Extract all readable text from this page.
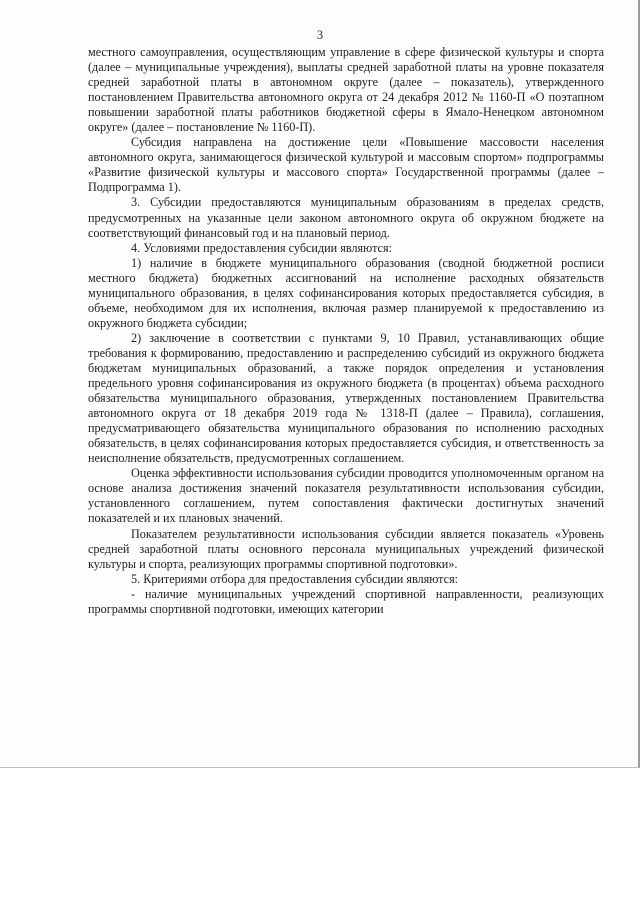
3

местного самоуправления, осуществляющим управление в сфере физической культуры и спорта (далее – муниципальные учреждения), выплаты средней заработной платы на уровне показателя средней заработной платы в автономном округе (далее – показатель), утвержденного постановлением Правительства автономного округа от 24 декабря 2012 № 1160-П «О поэтапном повышении заработной платы работников бюджетной сферы в Ямало-Ненецком автономном округе» (далее – постановление № 1160-П).

Субсидия направлена на достижение цели «Повышение массовости населения автономного округа, занимающегося физической культурой и массовым спортом» подпрограммы «Развитие физической культуры и массового спорта» Государственной программы (далее – Подпрограмма 1).

3. Субсидии предоставляются муниципальным образованиям в пределах средств, предусмотренных на указанные цели законом автономного округа об окружном бюджете на соответствующий финансовый год и на плановый период.

4. Условиями предоставления субсидии являются:

1) наличие в бюджете муниципального образования (сводной бюджетной росписи местного бюджета) бюджетных ассигнований на исполнение расходных обязательств муниципального образования, в целях софинансирования которых предоставляется субсидия, в объеме, необходимом для их исполнения, включая размер планируемой к предоставлению из окружного бюджета субсидии;

2) заключение в соответствии с пунктами 9, 10 Правил, устанавливающих общие требования к формированию, предоставлению и распределению субсидий из окружного бюджета бюджетам муниципальных образований, а также порядок определения и установления предельного уровня софинансирования из окружного бюджета (в процентах) объема расходного обязательства муниципального образования, утвержденных постановлением Правительства автономного округа от 18 декабря 2019 года № 1318-П (далее – Правила), соглашения, предусматривающего обязательства муниципального образования по исполнению расходных обязательств, в целях софинансирования которых предоставляется субсидия, и ответственность за неисполнение обязательств, предусмотренных соглашением.

Оценка эффективности использования субсидии проводится уполномоченным органом на основе анализа достижения значений показателя результативности использования субсидии, установленного соглашением, путем сопоставления фактически достигнутых значений показателей и их плановых значений.

Показателем результативности использования субсидии является показатель «Уровень средней заработной платы основного персонала муниципальных учреждений физической культуры и спорта, реализующих программы спортивной подготовки».

5. Критериями отбора для предоставления субсидии являются:

- наличие муниципальных учреждений спортивной направленности, реализующих программы спортивной подготовки, имеющих категории
